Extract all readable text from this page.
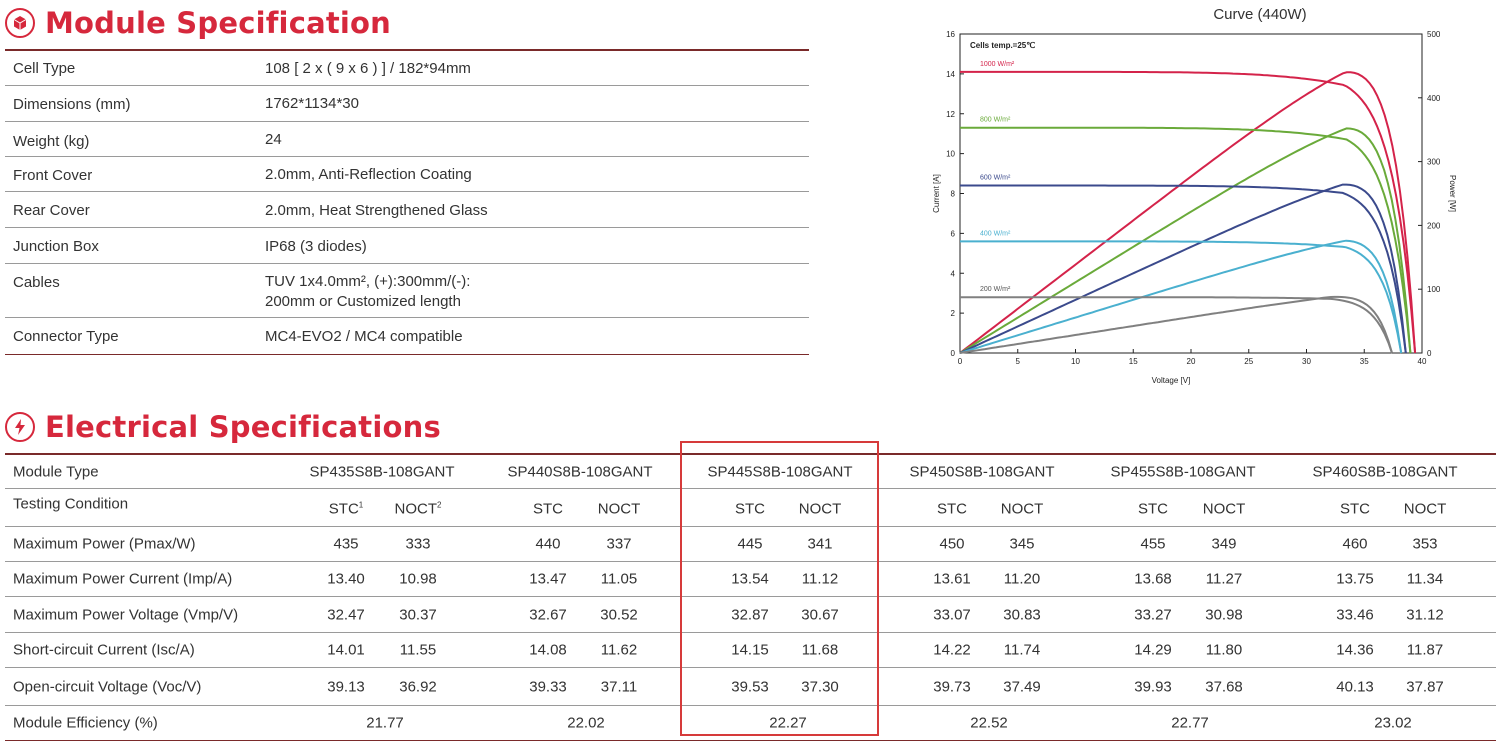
Module Specification
Cell Type	108 [ 2 x ( 9 x 6 ) ] / 182*94mm
Dimensions (mm)	1762*1134*30
Weight (kg)	24
Front Cover	2.0mm, Anti-Reflection Coating
Rear Cover	2.0mm, Heat Strengthened Glass
Junction Box	IP68 (3 diodes)
Cables	TUV 1x4.0mm², (+):300mm/(-):
200mm or Customized length
Connector Type	MC4-EVO2 / MC4 compatible
Curve (440W)
0	5	10	15	20	25	30	35	40
0
2
4
6
8
10
12
14
16
0
100
200
300
400
500
Voltage [V]
Current [A]	Power [W]
Cells temp.=25℃
1000 W/m²
800 W/m²
600 W/m²
400 W/m²
200 W/m²
Electrical Specifications
Module Type	SP435S8B-108GANT	SP440S8B-108GANT	SP445S8B-108GANT	SP450S8B-108GANT	SP455S8B-108GANT	SP460S8B-108GANT
Testing Condition	STC$^1$ NOCT$^2$	STC NOCT	STC NOCT	STC NOCT	STC NOCT	STC NOCT
Maximum Power (Pmax/W)	435	333	440	337	445	341	450	345	455	349	460	353
Maximum Power Current (Imp/A)	13.40 10.98	13.47 11.05	13.54 11.12	13.61 11.20	13.68 11.27	13.75 11.34
Maximum Power Voltage (Vmp/V)	32.47 30.37	32.67 30.52	32.87 30.67	33.07 30.83	33.27 30.98	33.46 31.12
Short-circuit Current (Isc/A)	14.01 11.55	14.08 11.62	14.15 11.68	14.22 11.74	14.29 11.80	14.36 11.87
Open-circuit Voltage (Voc/V)	39.13 36.92	39.33 37.11	39.53 37.30	39.73 37.49	39.93 37.68	40.13 37.87
Module Efficiency (%)	21.77	22.02	22.27	22.52	22.77	23.02
